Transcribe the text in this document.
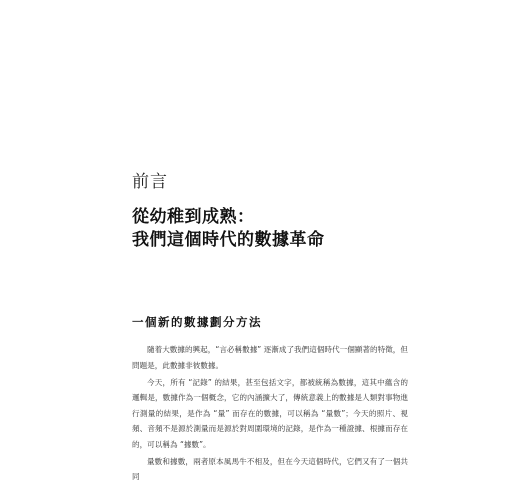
前言
從幼稚到成熟：
我們這個時代的數據革命
一個新的數據劃分方法

隨着大數據的興起，“言必稱數據” 逐漸成了我們這個時代一個顯著的特徵，但問題是，此數據非彼數據。

今天，所有 “記錄” 的結果，甚至包括文字，都被統稱為數據，這其中蘊含的邏輯是，數據作為一個概念，它的內涵擴大了，傳統意義上的數據是人類對事物進行測量的結果，是作為 “量” 而存在的數據，可以稱為 “量數”；今天的照片、視頻、音頻不是源於測量而是源於對周圍環境的記錄，是作為一種證據、根據而存在的，可以稱為 “據數”。

量數和據數，兩者原本風馬牛不相及，但在今天這個時代，它們又有了一個共同
